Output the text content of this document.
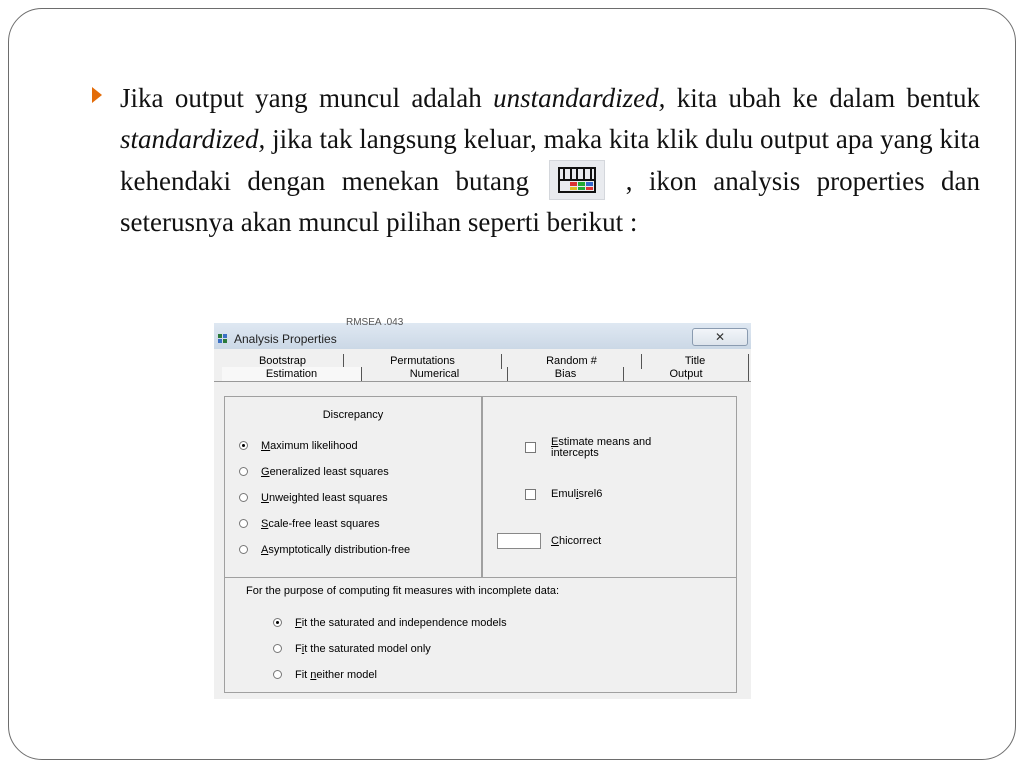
Jika output yang muncul adalah unstandardized, kita ubah ke dalam bentuk standardized, jika tak langsung keluar, maka kita klik dulu output apa yang kita kehendaki dengan menekan butang
, ikon analysis properties dan seterusnya akan muncul pilihan seperti berikut :
RMSEA .043
Analysis Properties	✕
Bootstrap	Permutations	Random #	Title
Estimation	Numerical	Bias	Output
Discrepancy
Maximum likelihood
Generalized least squares
Unweighted least squares
Scale-free least squares
Asymptotically distribution-free
Estimate means and
intercepts
Emulisrel6
Chicorrect
For the purpose of computing fit measures with incomplete data:
Fit the saturated and independence models
Fit the saturated model only
Fit neither model
